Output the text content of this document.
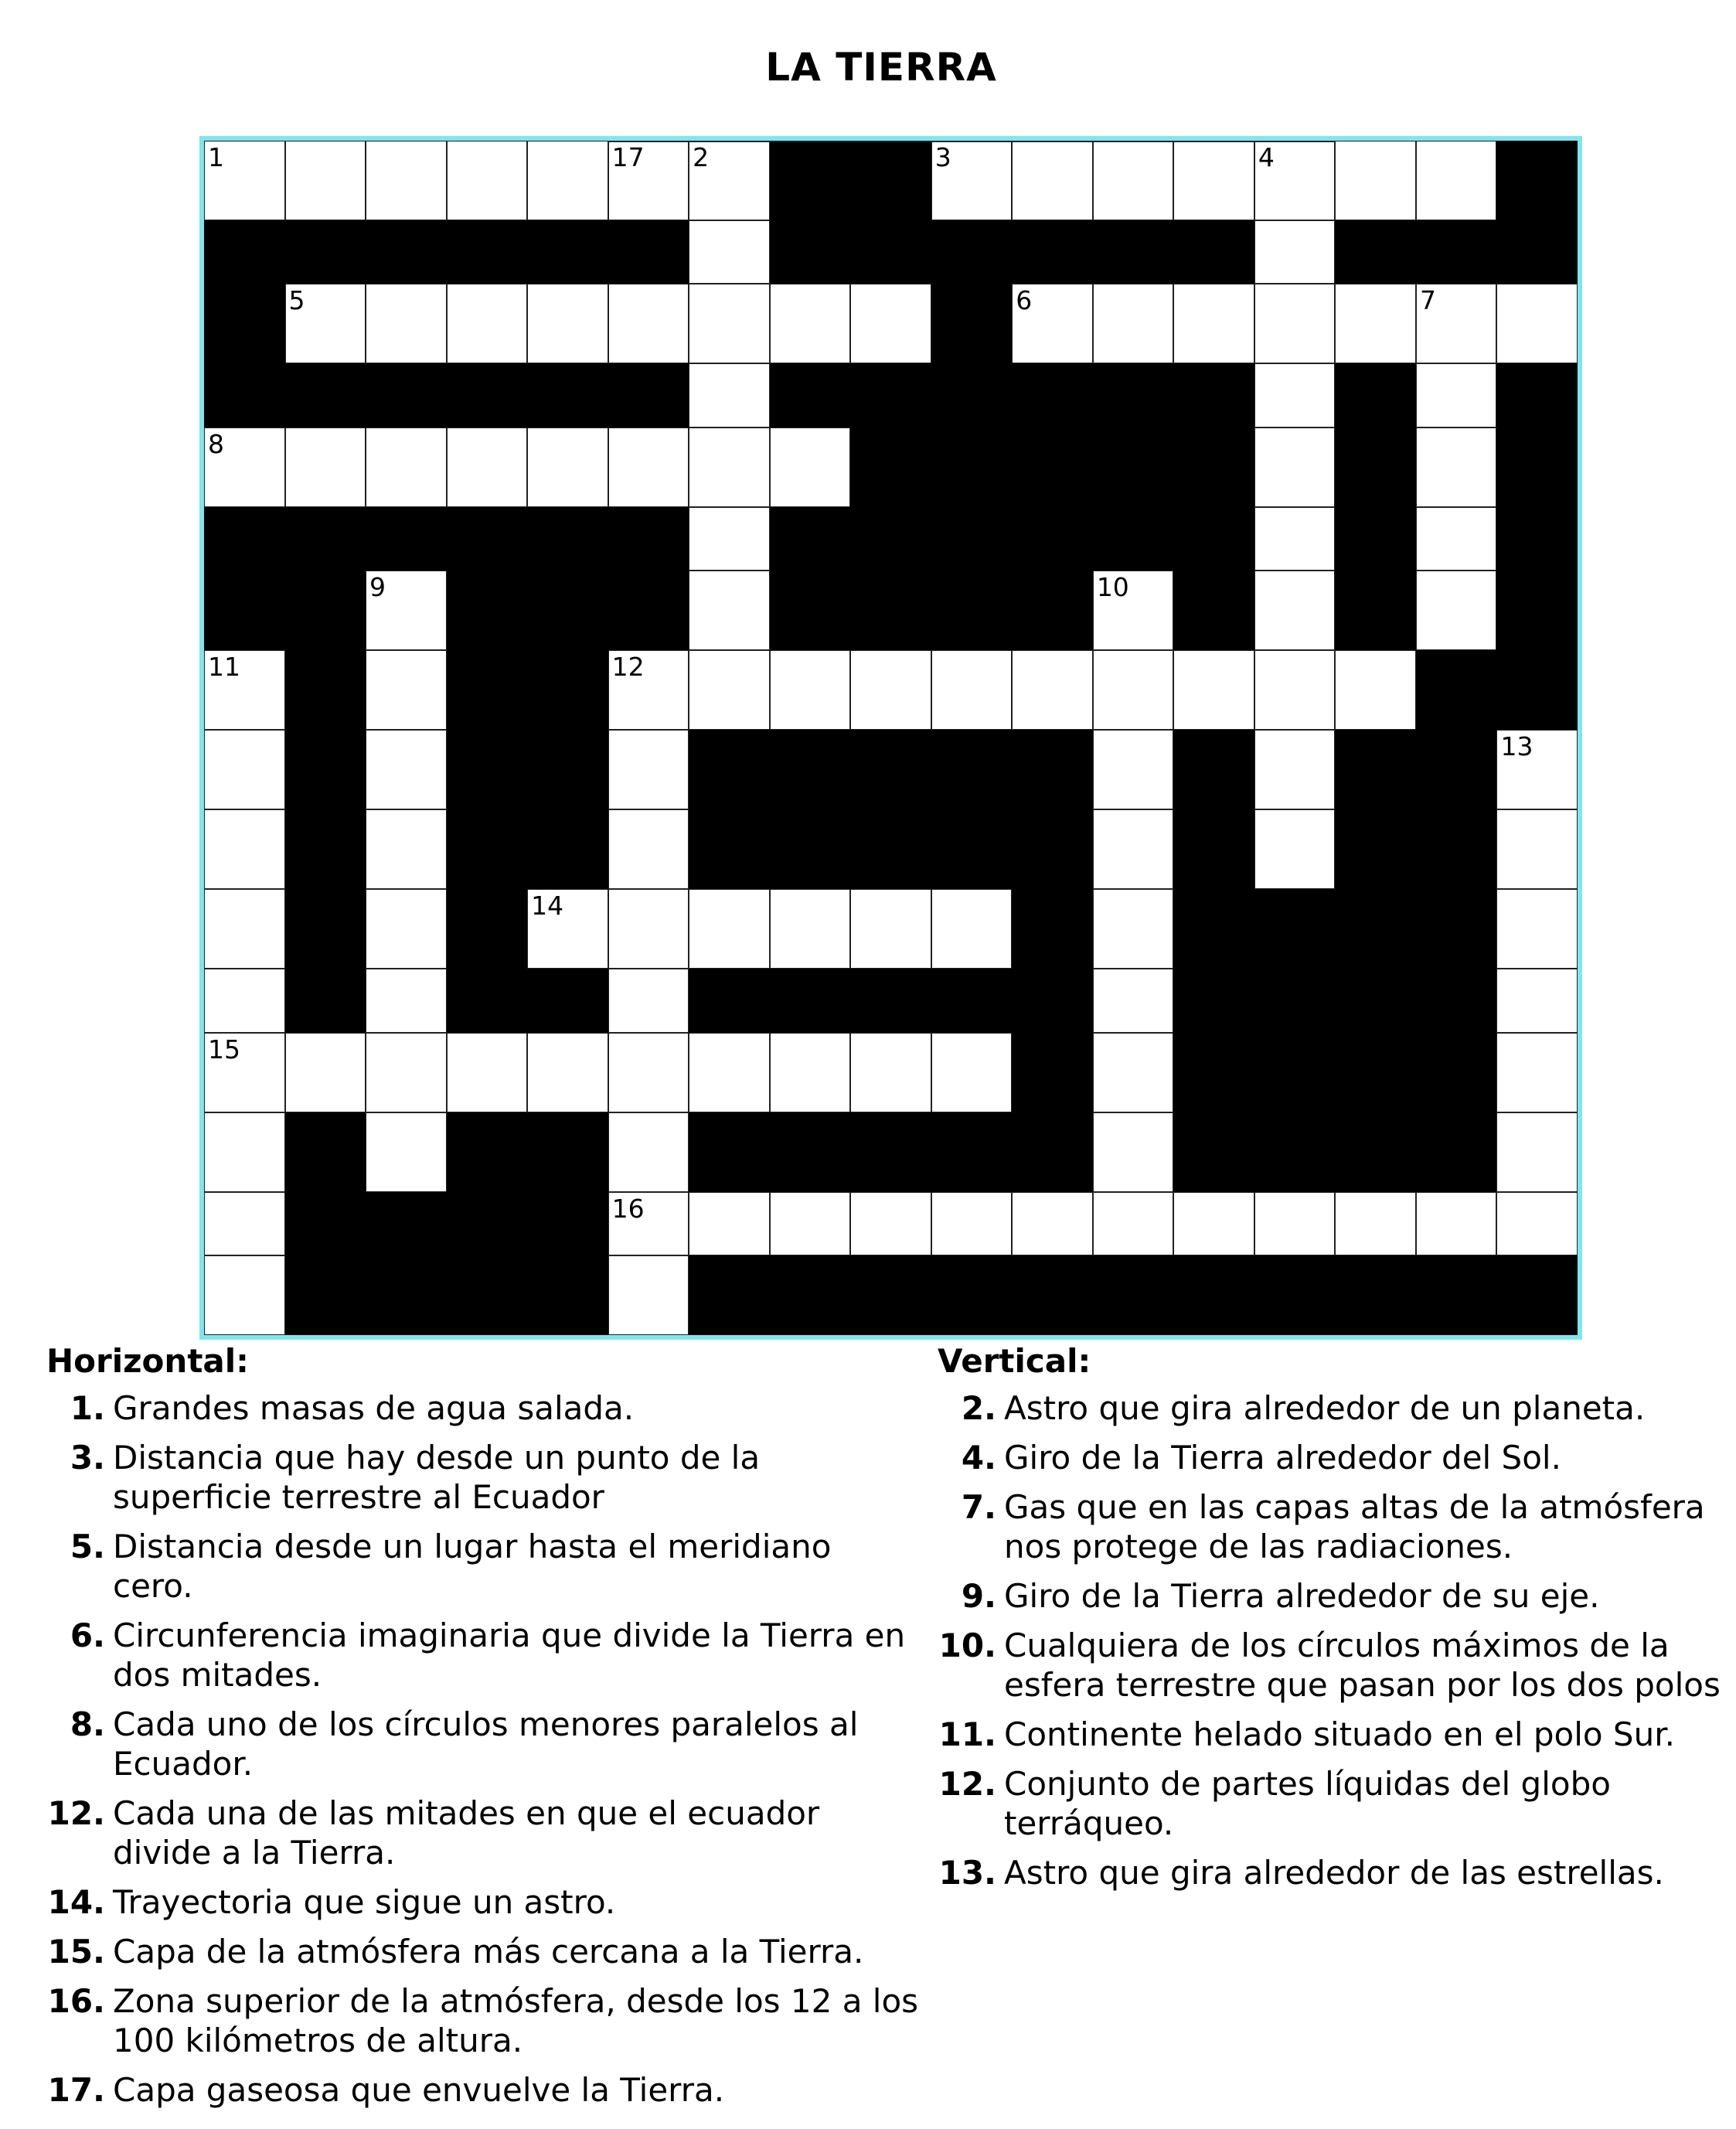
LA TIERRA
1	2	3	4
5	6	7
8
9	10
11	12
13
14
15
16
17
Horizontal:
1. Grandes masas de agua salada.
3. Distancia que hay desde un punto de la superficie terrestre al Ecuador
5. Distancia desde un lugar hasta el meridiano cero.
6. Circunferencia imaginaria que divide la Tierra en dos mitades.
8. Cada uno de los círculos menores paralelos al Ecuador.
12. Cada una de las mitades en que el ecuador divide a la Tierra.
14. Trayectoria que sigue un astro.
15. Capa de la atmósfera más cercana a la Tierra.
16. Zona superior de la atmósfera, desde los 12 a los 100 kilómetros de altura.
17. Capa gaseosa que envuelve la Tierra.
Vertical:
2. Astro que gira alrededor de un planeta.
4. Giro de la Tierra alrededor del Sol.
7. Gas que en las capas altas de la atmósfera nos protege de las radiaciones.
9. Giro de la Tierra alrededor de su eje.
10. Cualquiera de los círculos máximos de la esfera terrestre que pasan por los dos polos
11. Continente helado situado en el polo Sur.
12. Conjunto de partes líquidas del globo terráqueo.
13. Astro que gira alrededor de las estrellas.
